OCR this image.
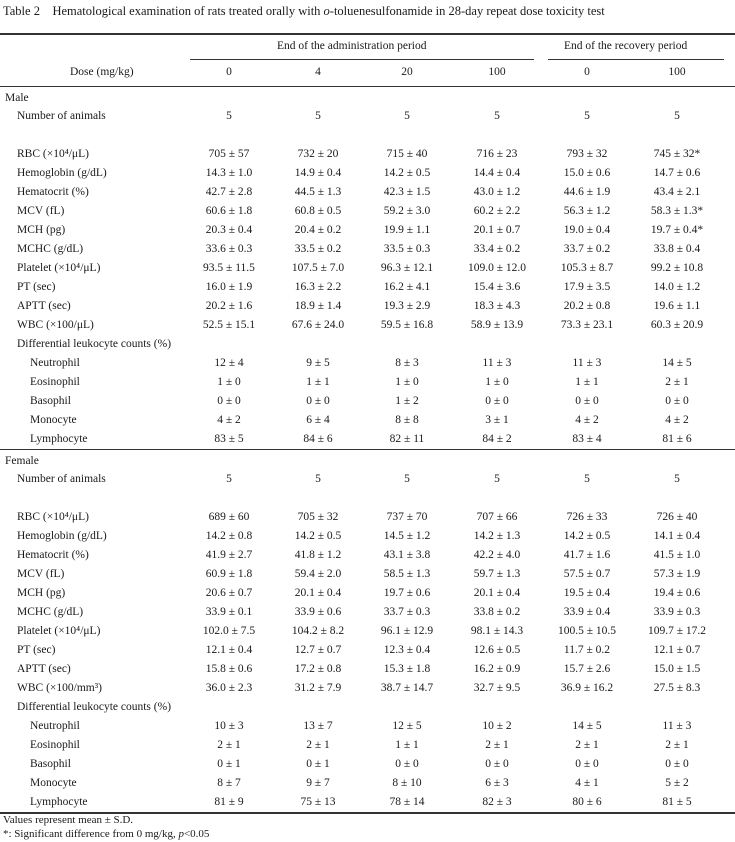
Table 2 Hematological examination of rats treated orally with o-toluenesulfonamide in 28-day repeat dose toxicity test
End of the administration period	End of the recovery period
Dose (mg/kg)	0	4	20	100	0	100
Male
Number of animals	5	5	5	5	5	5
RBC (×10⁴/μL)	705 ± 57	732 ± 20	715 ± 40	716 ± 23	793 ± 32	745 ± 32*
Hemoglobin (g/dL)	14.3 ± 1.0	14.9 ± 0.4	14.2 ± 0.5	14.4 ± 0.4	15.0 ± 0.6	14.7 ± 0.6
Hematocrit (%)	42.7 ± 2.8	44.5 ± 1.3	42.3 ± 1.5	43.0 ± 1.2	44.6 ± 1.9	43.4 ± 2.1
MCV (fL)	60.6 ± 1.8	60.8 ± 0.5	59.2 ± 3.0	60.2 ± 2.2	56.3 ± 1.2	58.3 ± 1.3*
MCH (pg)	20.3 ± 0.4	20.4 ± 0.2	19.9 ± 1.1	20.1 ± 0.7	19.0 ± 0.4	19.7 ± 0.4*
MCHC (g/dL)	33.6 ± 0.3	33.5 ± 0.2	33.5 ± 0.3	33.4 ± 0.2	33.7 ± 0.2	33.8 ± 0.4
Platelet (×10⁴/μL)	93.5 ± 11.5	107.5 ± 7.0	96.3 ± 12.1	109.0 ± 12.0	105.3 ± 8.7	99.2 ± 10.8
PT (sec)	16.0 ± 1.9	16.3 ± 2.2	16.2 ± 4.1	15.4 ± 3.6	17.9 ± 3.5	14.0 ± 1.2
APTT (sec)	20.2 ± 1.6	18.9 ± 1.4	19.3 ± 2.9	18.3 ± 4.3	20.2 ± 0.8	19.6 ± 1.1
WBC (×100/μL)	52.5 ± 15.1	67.6 ± 24.0	59.5 ± 16.8	58.9 ± 13.9	73.3 ± 23.1	60.3 ± 20.9
Differential leukocyte counts (%)
Neutrophil	12 ± 4	9 ± 5	8 ± 3	11 ± 3	11 ± 3	14 ± 5
Eosinophil	1 ± 0	1 ± 1	1 ± 0	1 ± 0	1 ± 1	2 ± 1
Basophil	0 ± 0	0 ± 0	1 ± 2	0 ± 0	0 ± 0	0 ± 0
Monocyte	4 ± 2	6 ± 4	8 ± 8	3 ± 1	4 ± 2	4 ± 2
Lymphocyte	83 ± 5	84 ± 6	82 ± 11	84 ± 2	83 ± 4	81 ± 6
Female
Number of animals	5	5	5	5	5	5
RBC (×10⁴/μL)	689 ± 60	705 ± 32	737 ± 70	707 ± 66	726 ± 33	726 ± 40
Hemoglobin (g/dL)	14.2 ± 0.8	14.2 ± 0.5	14.5 ± 1.2	14.2 ± 1.3	14.2 ± 0.5	14.1 ± 0.4
Hematocrit (%)	41.9 ± 2.7	41.8 ± 1.2	43.1 ± 3.8	42.2 ± 4.0	41.7 ± 1.6	41.5 ± 1.0
MCV (fL)	60.9 ± 1.8	59.4 ± 2.0	58.5 ± 1.3	59.7 ± 1.3	57.5 ± 0.7	57.3 ± 1.9
MCH (pg)	20.6 ± 0.7	20.1 ± 0.4	19.7 ± 0.6	20.1 ± 0.4	19.5 ± 0.4	19.4 ± 0.6
MCHC (g/dL)	33.9 ± 0.1	33.9 ± 0.6	33.7 ± 0.3	33.8 ± 0.2	33.9 ± 0.4	33.9 ± 0.3
Platelet (×10⁴/μL)	102.0 ± 7.5	104.2 ± 8.2	96.1 ± 12.9	98.1 ± 14.3	100.5 ± 10.5	109.7 ± 17.2
PT (sec)	12.1 ± 0.4	12.7 ± 0.7	12.3 ± 0.4	12.6 ± 0.5	11.7 ± 0.2	12.1 ± 0.7
APTT (sec)	15.8 ± 0.6	17.2 ± 0.8	15.3 ± 1.8	16.2 ± 0.9	15.7 ± 2.6	15.0 ± 1.5
WBC (×100/mm³)	36.0 ± 2.3	31.2 ± 7.9	38.7 ± 14.7	32.7 ± 9.5	36.9 ± 16.2	27.5 ± 8.3
Differential leukocyte counts (%)
Neutrophil	10 ± 3	13 ± 7	12 ± 5	10 ± 2	14 ± 5	11 ± 3
Eosinophil	2 ± 1	2 ± 1	1 ± 1	2 ± 1	2 ± 1	2 ± 1
Basophil	0 ± 1	0 ± 1	0 ± 0	0 ± 0	0 ± 0	0 ± 0
Monocyte	8 ± 7	9 ± 7	8 ± 10	6 ± 3	4 ± 1	5 ± 2
Lymphocyte	81 ± 9	75 ± 13	78 ± 14	82 ± 3	80 ± 6	81 ± 5
Values represent mean ± S.D.
*: Significant difference from 0 mg/kg, p<0.05
